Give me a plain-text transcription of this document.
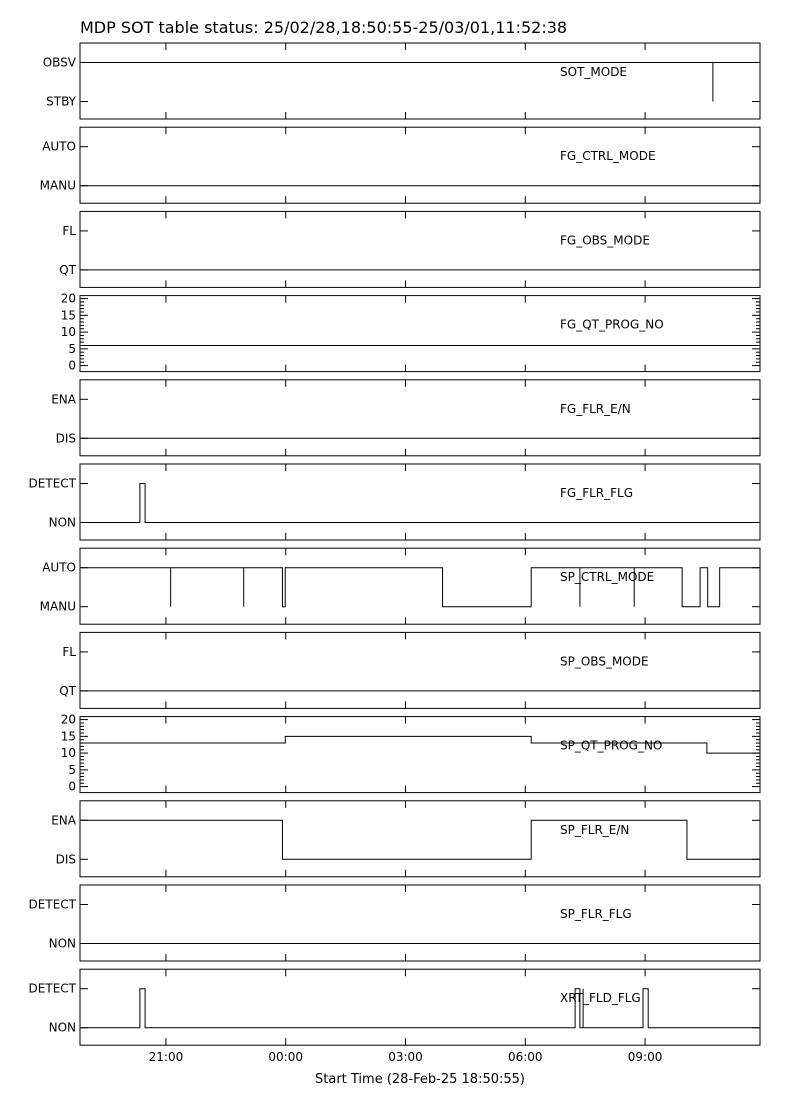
MDP SOT table status: 25/02/28,18:50:55-25/03/01,11:52:38
OBSV
STBY
SOT_MODE
AUTO
MANU
FG_CTRL_MODE
FL
QT
FG_OBS_MODE
0
5
10
15
20
FG_QT_PROG_NO
ENA
DIS
FG_FLR_E/N
DETECT
NON
FG_FLR_FLG
AUTO
MANU
SP_CTRL_MODE
FL
QT
SP_OBS_MODE
0
5
10
15
20
SP_QT_PROG_NO
ENA
DIS
SP_FLR_E/N
DETECT
NON
SP_FLR_FLG
DETECT
NON
XRT_FLD_FLG
21:00	00:00	03:00	06:00	09:00
Start Time (28-Feb-25 18:50:55)
